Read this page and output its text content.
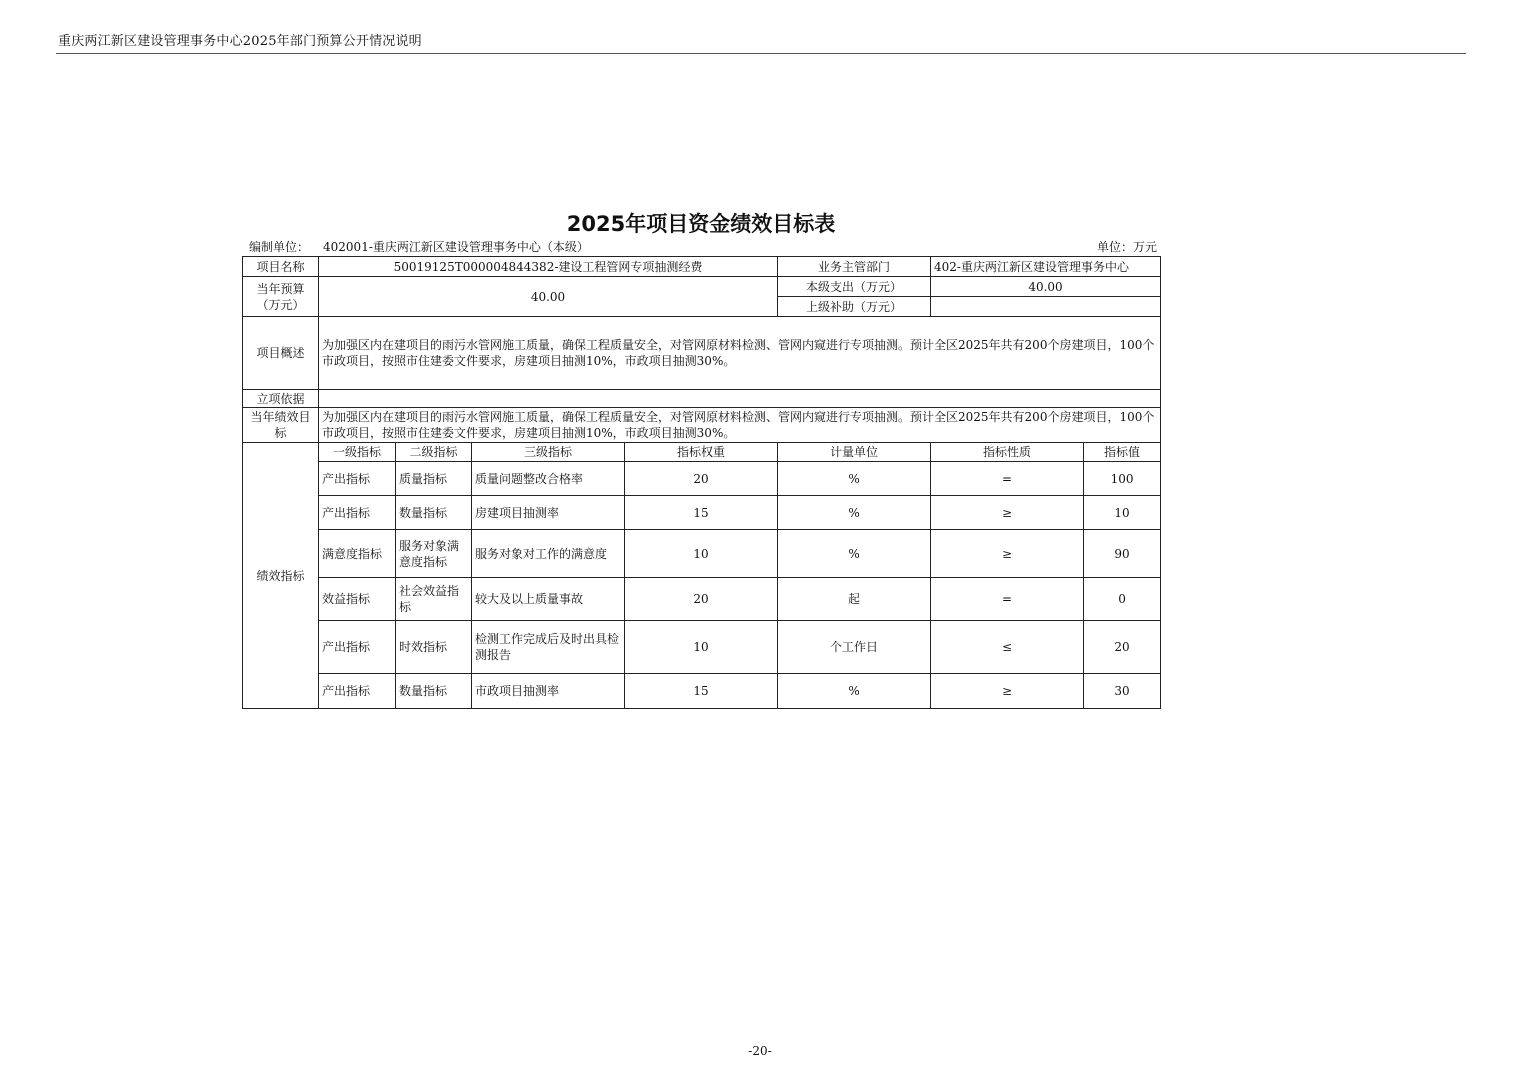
重庆两江新区建设管理事务中心2025年部门预算公开情况说明
2025年项目资金绩效目标表
编制单位： 402001-重庆两江新区建设管理事务中心（本级）	单位：万元
项目名称	50019125T000004844382-建设工程管网专项抽测经费				业务主管部门	402-重庆两江新区建设管理事务中心	
当年预算（万元）	40.00				本级支出（万元）	40.00	
					上级补助（万元）		
项目概述	为加强区内在建项目的雨污水管网施工质量，确保工程质量安全，对管网原材料检测、管网内窥进行专项抽测。预计全区2025年共有200个房建项目，100个市政项目，按照市住建委文件要求，房建项目抽测10%，市政项目抽测30%。						
立项依据							
当年绩效目标	为加强区内在建项目的雨污水管网施工质量，确保工程质量安全，对管网原材料检测、管网内窥进行专项抽测。预计全区2025年共有200个房建项目，100个市政项目，按照市住建委文件要求，房建项目抽测10%，市政项目抽测30%。						
绩效指标	一级指标	二级指标	三级指标	指标权重	计量单位	指标性质	指标值
	产出指标	质量指标	质量问题整改合格率	20	%	=	100
	产出指标	数量指标	房建项目抽测率	15	%	≥	10
	满意度指标	服务对象满意度指标	服务对象对工作的满意度	10	%	≥	90
	效益指标	社会效益指标	较大及以上质量事故	20	起	=	0
	产出指标	时效指标	检测工作完成后及时出具检测报告	10	个工作日	≤	20
	产出指标	数量指标	市政项目抽测率	15	%	≥	30
-20-
